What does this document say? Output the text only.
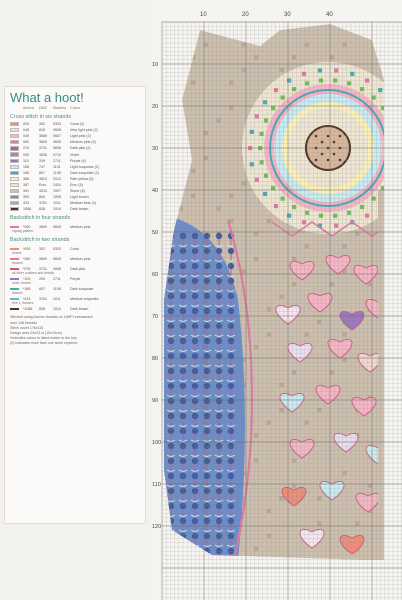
What a hoot!
Anchor	DMC	Madeira	Colour
Cross stitch in six strands
009	352	0303	Coral (2)
048	818	0608	Very light pink (2)
049	3689	0607	Light pink (2)
060	3609	0605	Medium pink (2)
076	3731	0606	Dark pink (2)
090	3836	0710	Violet
110	209	2711	Purple (6)
158	747	1101	Light turquoise (2)
168	807	1108	Dark turquoise (2)
386	3823	2512	Pale yellow (5)
387	Ecru	2404	Ecru (5)
391	3033	1907	Stone (6)
393	840	1905	Light brown
433	3761	1011	Medium blue (4)
1088	838	1914	Dark brown
Backstitch in four strands
*060	3609	0605	Medium pink
zigzag pattern
Backstitch in two strands
*009	352	0303	Coral
hearts
*060	3609	0605	Medium pink
flowers
*076	3731	0606	Dark pink
all other outlines and details
*109	209	2711	Purple
nose, hearts
*168	807	1108	Dark turquoise
flowers
*433	3761	1011	Medium turquoise
tree 1, flowers
*1088	838	1914	Dark brown
Stitched using Anchor threads on 18HPI evenweave
over 148 threads
Stitch count 176x115
Design area 24x23 in (15x13cm)
*indicates colour is listed earlier in the key
(2) indicates more than one skein required
10	20	30	40
10
20
30
40
50
60
70
80
90
100
110
120
